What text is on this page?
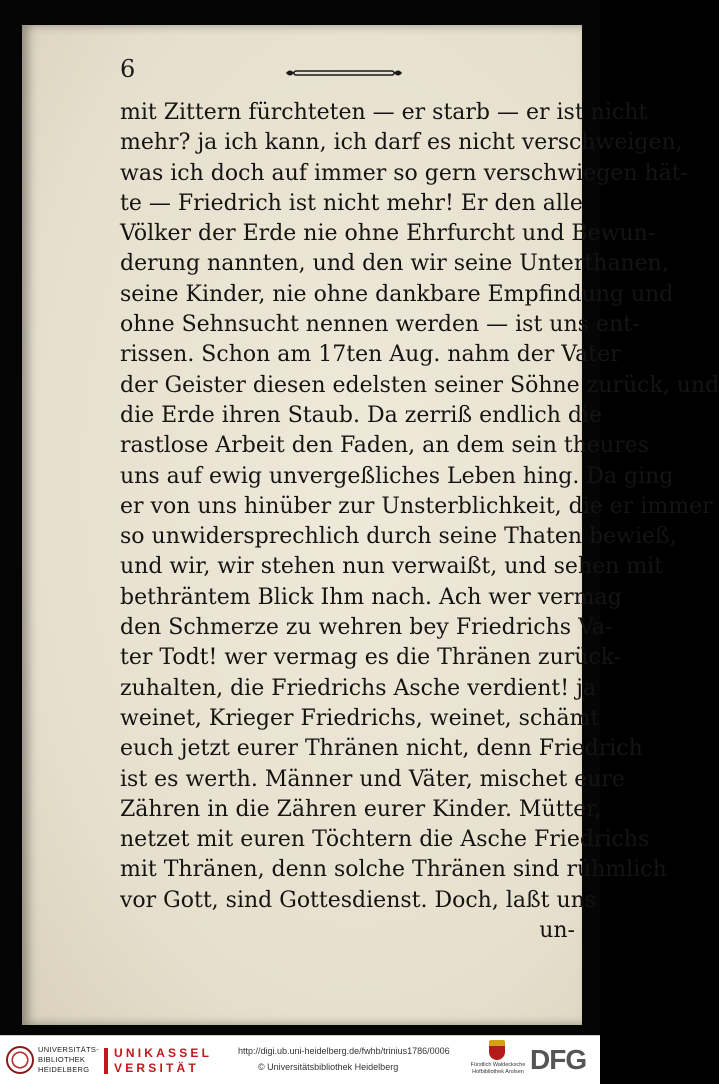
6
mit Zittern fürchteten — er starb — er ist nicht
mehr? ja ich kann, ich darf es nicht verschweigen,
was ich doch auf immer so gern verschwiegen hät-
te — Friedrich ist nicht mehr! Er den alle
Völker der Erde nie ohne Ehrfurcht und Bewun-
derung nannten, und den wir seine Unterthanen,
seine Kinder, nie ohne dankbare Empfindung und
ohne Sehnsucht nennen werden — ist uns ent-
rissen. Schon am 17ten Aug. nahm der Vater
der Geister diesen edelsten seiner Söhne zurück, und
die Erde ihren Staub. Da zerriß endlich die
rastlose Arbeit den Faden, an dem sein theures
uns auf ewig unvergeßliches Leben hing. Da ging
er von uns hinüber zur Unsterblichkeit, die er immer
so unwidersprechlich durch seine Thaten bewieß,
und wir, wir stehen nun verwaißt, und sehen mit
bethräntem Blick Ihm nach. Ach wer vermag
den Schmerze zu wehren bey Friedrichs Va-
ter Todt! wer vermag es die Thränen zurück-
zuhalten, die Friedrichs Asche verdient! ja
weinet, Krieger Friedrichs, weinet, schämt
euch jetzt eurer Thränen nicht, denn Friedrich
ist es werth. Männer und Väter, mischet eure
Zähren in die Zähren eurer Kinder. Mütter,
netzet mit euren Töchtern die Asche Friedrichs
mit Thränen, denn solche Thränen sind rühmlich
vor Gott, sind Gottesdienst. Doch, laßt uns
un-
UNIVERSITÄTS-
BIBLIOTHEK
HEIDELBERG
UNIKASSEL
VERSITÄT
http://digi.ub.uni-heidelberg.de/fwhb/trinius1786/0006
© Universitätsbibliothek Heidelberg	Fürstlich Waldecksche
Hofbibliothek Arolsen DFG
